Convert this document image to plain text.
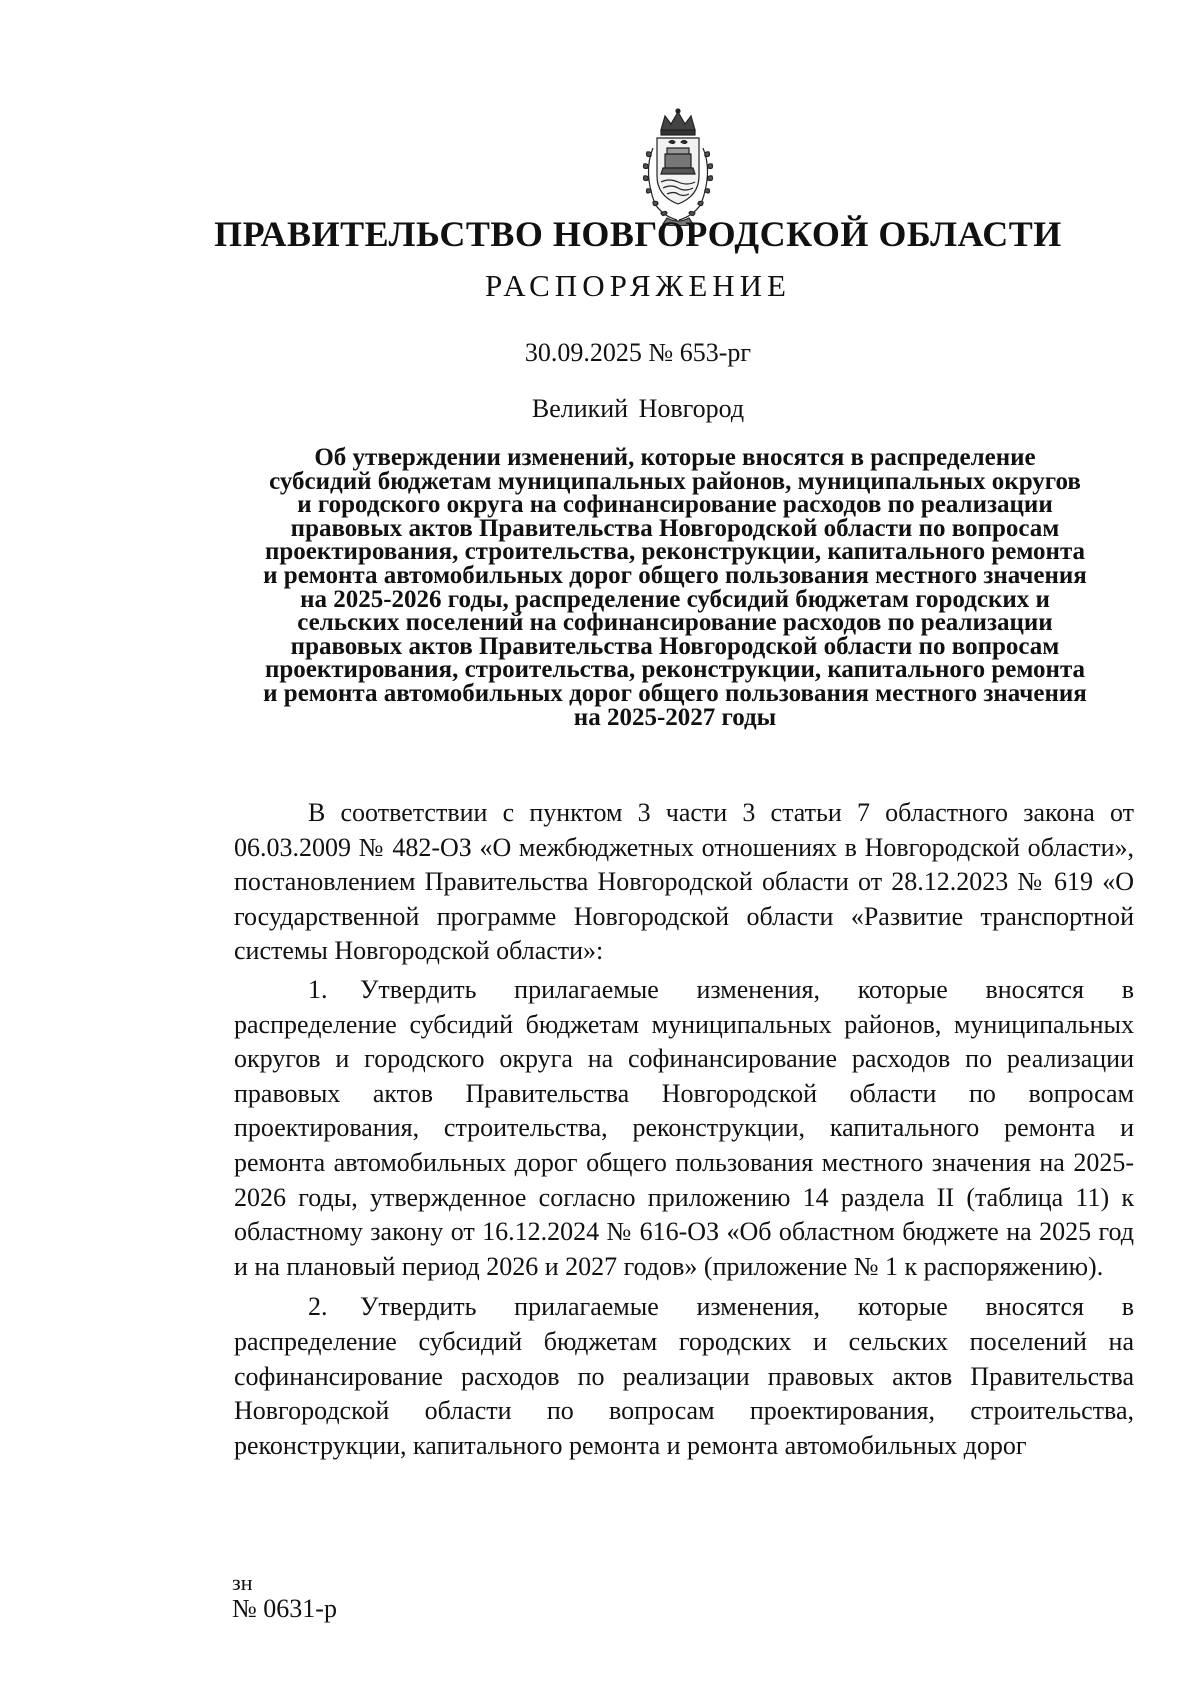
ПРАВИТЕЛЬСТВО НОВГОРОДСКОЙ ОБЛАСТИ
РАСПОРЯЖЕНИЕ
30.09.2025 № 653-рг
Великий Новгород
Об утверждении изменений, которые вносятся в распределение
субсидий бюджетам муниципальных районов, муниципальных округов
и городского округа на софинансирование расходов по реализации
правовых актов Правительства Новгородской области по вопросам
проектирования, строительства, реконструкции, капитального ремонта
и ремонта автомобильных дорог общего пользования местного значения
на 2025-2026 годы, распределение субсидий бюджетам городских и
сельских поселений на софинансирование расходов по реализации
правовых актов Правительства Новгородской области по вопросам
проектирования, строительства, реконструкции, капитального ремонта
и ремонта автомобильных дорог общего пользования местного значения
на 2025-2027 годы

В соответствии с пунктом 3 части 3 статьи 7 областного закона от 06.03.2009 № 482-ОЗ «О межбюджетных отношениях в Новгородской области», постановлением Правительства Новгородской области от 28.12.2023 № 619 «О государственной программе Новгородской области «Развитие транспортной системы Новгородской области»:

1. Утвердить прилагаемые изменения, которые вносятся в распределение субсидий бюджетам муниципальных районов, муниципальных округов и городского округа на софинансирование расходов по реализации правовых актов Правительства Новгородской области по вопросам проектирования, строительства, реконструкции, капитального ремонта и ремонта автомобильных дорог общего пользования местного значения на 2025-2026 годы, утвержденное согласно приложению 14 раздела II (таблица 11) к областному закону от 16.12.2024 № 616-ОЗ «Об областном бюджете на 2025 год и на плановый период 2026 и 2027 годов» (приложение № 1 к распоряжению).

2. Утвердить прилагаемые изменения, которые вносятся в распределение субсидий бюджетам городских и сельских поселений на софинансирование расходов по реализации правовых актов Правительства Новгородской области по вопросам проектирования, строительства, реконструкции, капитального ремонта и ремонта автомобильных дорог

зн
№ 0631-р
